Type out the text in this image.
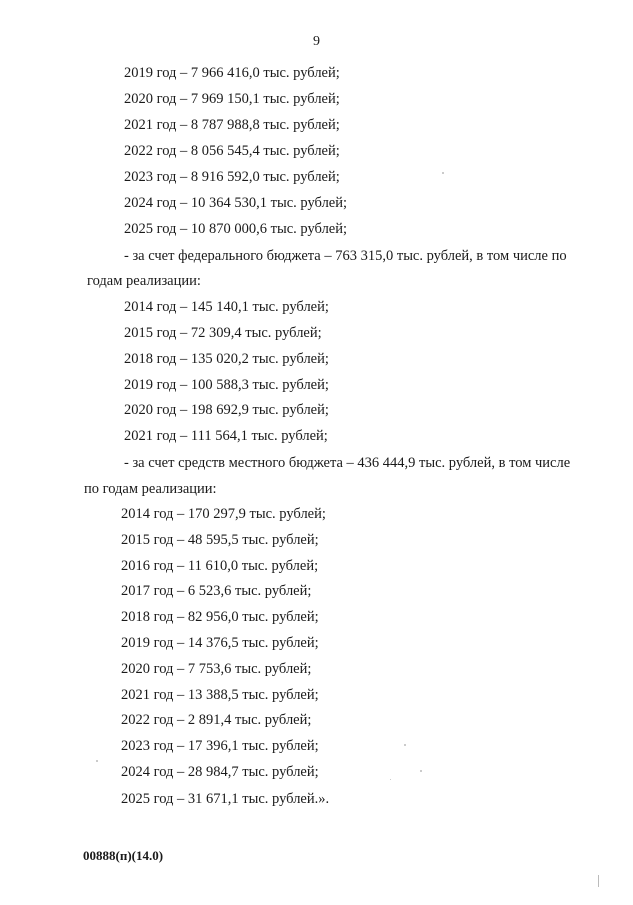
9
2019 год – 7 966 416,0 тыс. рублей;
2020 год – 7 969 150,1 тыс. рублей;
2021 год – 8 787 988,8 тыс. рублей;
2022 год – 8 056 545,4 тыс. рублей;
2023 год – 8 916 592,0 тыс. рублей;
2024 год – 10 364 530,1 тыс. рублей;
2025 год – 10 870 000,6 тыс. рублей;
- за счет федерального бюджета – 763 315,0 тыс. рублей, в том числе по
годам реализации:
2014 год – 145 140,1 тыс. рублей;
2015 год – 72 309,4 тыс. рублей;
2018 год – 135 020,2 тыс. рублей;
2019 год – 100 588,3 тыс. рублей;
2020 год – 198 692,9 тыс. рублей;
2021 год – 111 564,1 тыс. рублей;
- за счет средств местного бюджета – 436 444,9 тыс. рублей, в том числе
по годам реализации:
2014 год – 170 297,9 тыс. рублей;
2015 год – 48 595,5 тыс. рублей;
2016 год – 11 610,0 тыс. рублей;
2017 год – 6 523,6 тыс. рублей;
2018 год – 82 956,0 тыс. рублей;
2019 год – 14 376,5 тыс. рублей;
2020 год – 7 753,6 тыс. рублей;
2021 год – 13 388,5 тыс. рублей;
2022 год – 2 891,4 тыс. рублей;
2023 год – 17 396,1 тыс. рублей;
2024 год – 28 984,7 тыс. рублей;
2025 год – 31 671,1 тыс. рублей.».
00888(п)(14.0)
